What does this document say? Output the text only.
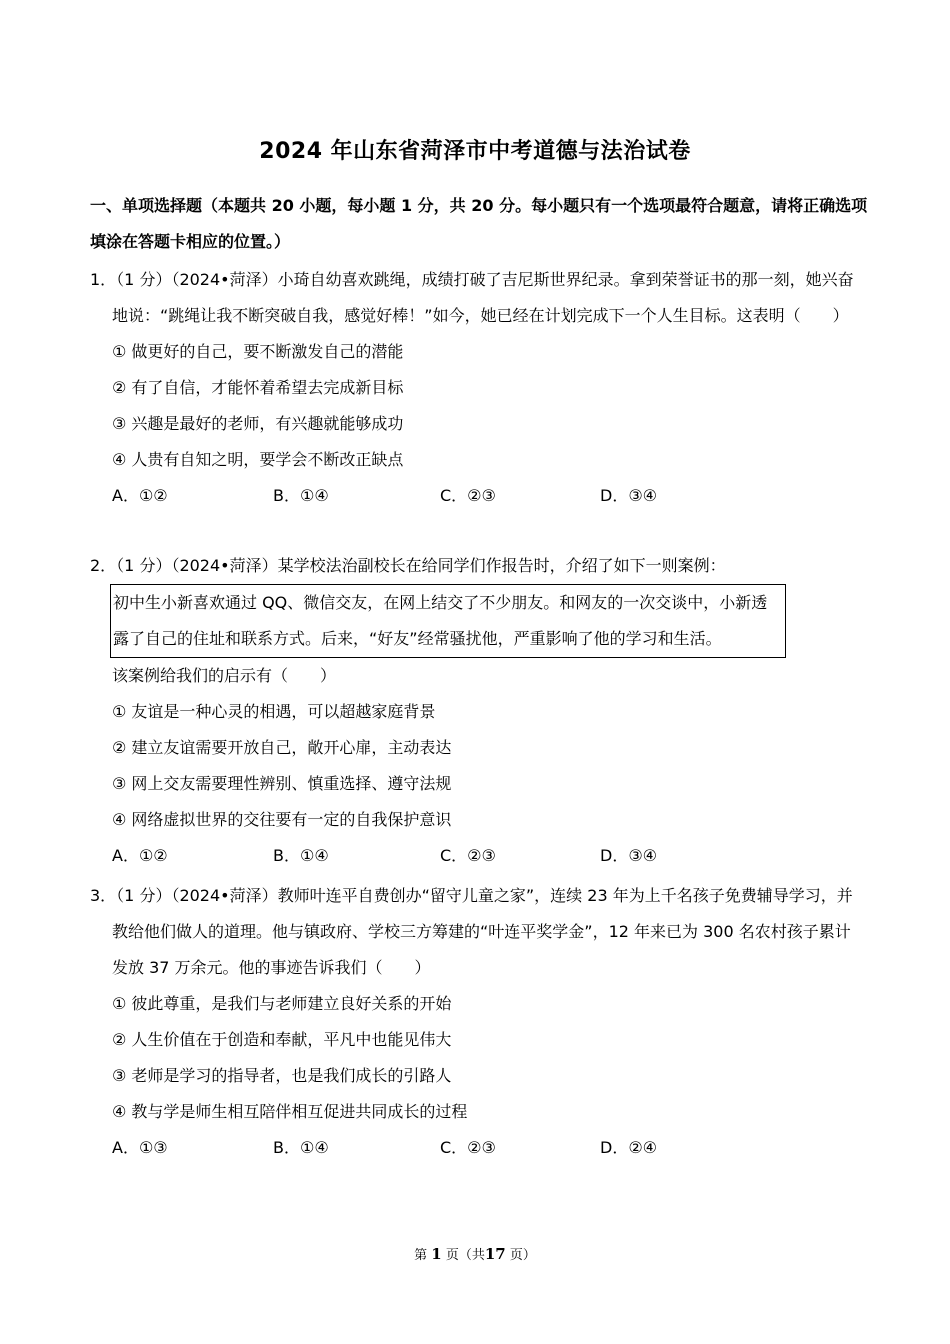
2024 年山东省菏泽市中考道德与法治试卷
一、单项选择题（本题共 20 小题，每小题 1 分，共 20 分。每小题只有一个选项最符合题意，请将正确选项填涂在答题卡相应的位置。）
1．（1 分）（2024•菏泽）小琦自幼喜欢跳绳，成绩打破了吉尼斯世界纪录。拿到荣誉证书的那一刻，她兴奋地说：“跳绳让我不断突破自我，感觉好棒！”如今，她已经在计划完成下一个人生目标。这表明（　　）
① 做更好的自己，要不断激发自己的潜能
② 有了自信，才能怀着希望去完成新目标
③ 兴趣是最好的老师，有兴趣就能够成功
④ 人贵有自知之明，要学会不断改正缺点
A．①②	B．①④	C．②③	D．③④
2．（1 分）（2024•菏泽）某学校法治副校长在给同学们作报告时，介绍了如下一则案例：
初中生小新喜欢通过 QQ、微信交友，在网上结交了不少朋友。和网友的一次交谈中，小新透露了自己的住址和联系方式。后来，“好友”经常骚扰他，严重影响了他的学习和生活。
该案例给我们的启示有（　　）
① 友谊是一种心灵的相遇，可以超越家庭背景
② 建立友谊需要开放自己，敞开心扉，主动表达
③ 网上交友需要理性辨别、慎重选择、遵守法规
④ 网络虚拟世界的交往要有一定的自我保护意识
A．①②	B．①④	C．②③	D．③④
3．（1 分）（2024•菏泽）教师叶连平自费创办“留守儿童之家”，连续 23 年为上千名孩子免费辅导学习，并教给他们做人的道理。他与镇政府、学校三方筹建的“叶连平奖学金”，12 年来已为 300 名农村孩子累计发放 37 万余元。他的事迹告诉我们（　　）
① 彼此尊重，是我们与老师建立良好关系的开始
② 人生价值在于创造和奉献，平凡中也能见伟大
③ 老师是学习的指导者，也是我们成长的引路人
④ 教与学是师生相互陪伴相互促进共同成长的过程
A．①③	B．①④	C．②③	D．②④
第 1 页（共17 页）
